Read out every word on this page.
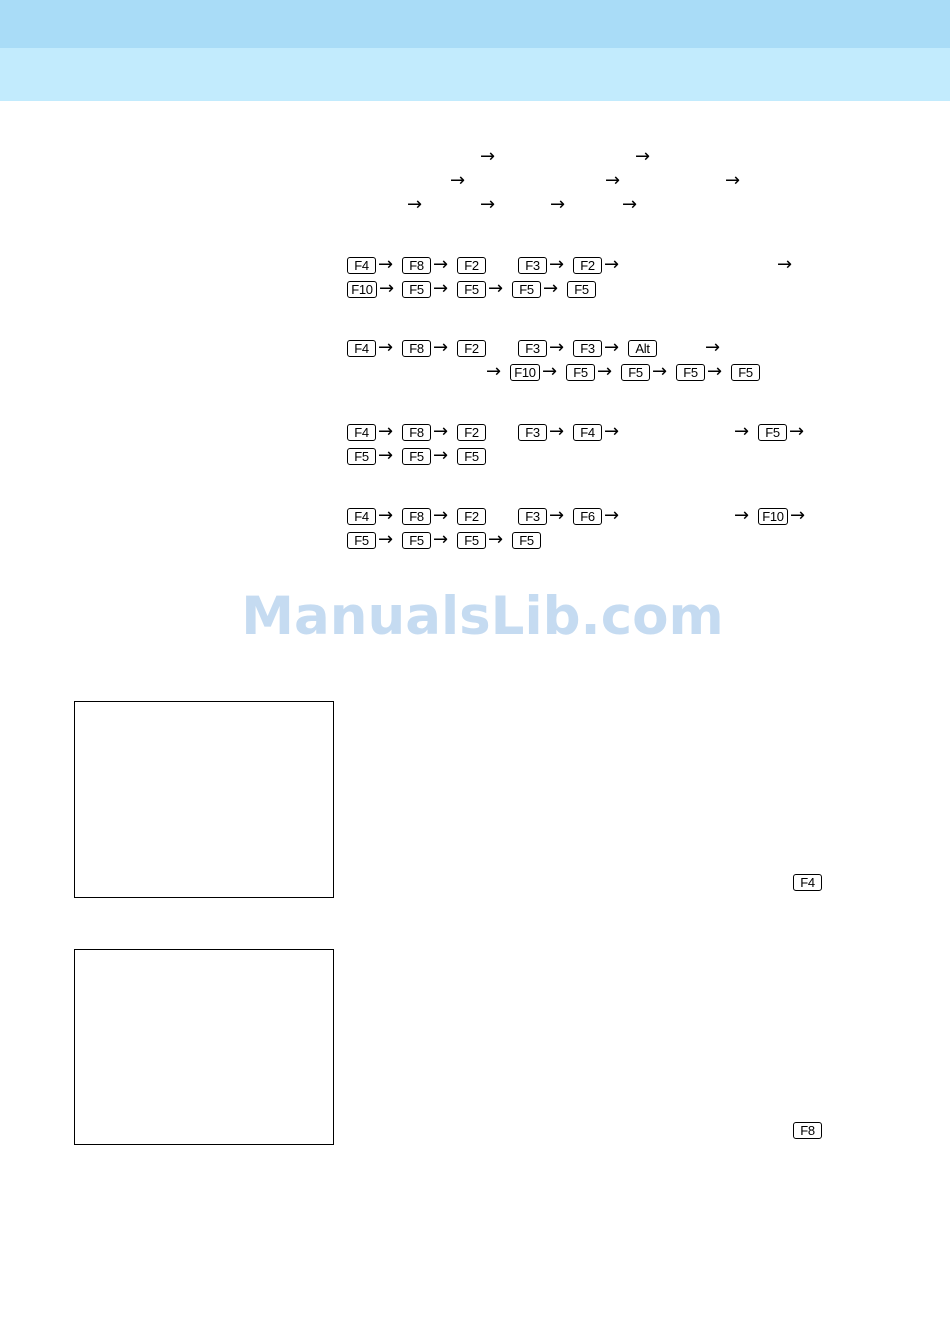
→	→
→	→	→
→	→	→	→
F4 →	F8 →	F2	F3 →	F2 →	→
F10 →	F5 →	F5 →	F5 →	F5
F4 →	F8 →	F2	F3 →	F3 →	Alt	→
→	F10 →	F5 →	F5 →	F5 →	F5
F4 →	F8 →	F2	F3 →	F4 →	→	F5 →
F5 →	F5 →	F5
F4 →	F8 →	F2	F3 →	F6 →	→	F10 →
F5 →	F5 →	F5 →	F5
ManualsLib.com
F4
F8
